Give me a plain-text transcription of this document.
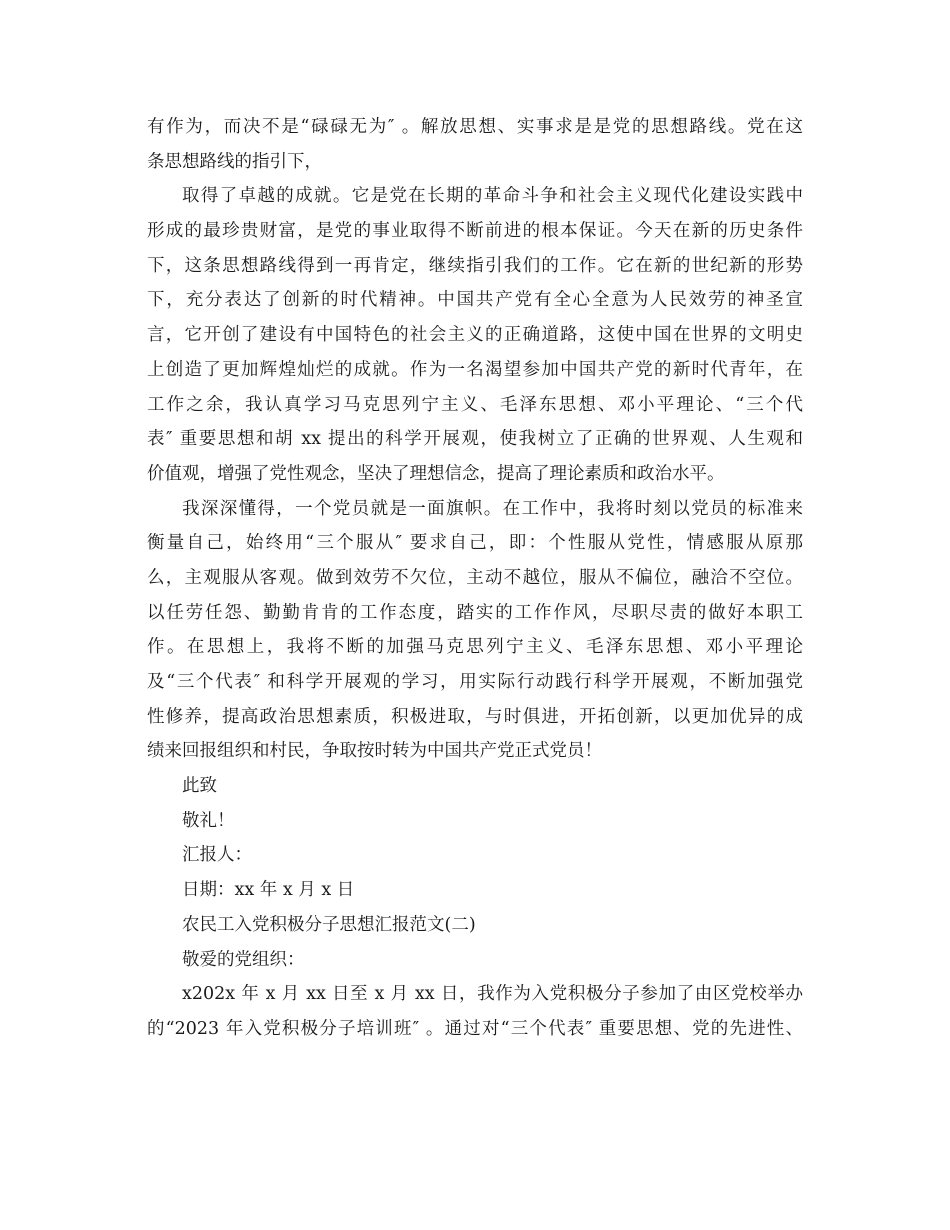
有作为，而决不是“碌碌无为″ 。解放思想、实事求是是党的思想路线。党在这
条思想路线的指引下，
取得了卓越的成就。它是党在长期的革命斗争和社会主义现代化建设实践中
形成的最珍贵财富，是党的事业取得不断前进的根本保证。今天在新的历史条件
下，这条思想路线得到一再肯定，继续指引我们的工作。它在新的世纪新的形势
下，充分表达了创新的时代精神。中国共产党有全心全意为人民效劳的神圣宣
言，它开创了建设有中国特色的社会主义的正确道路，这使中国在世界的文明史
上创造了更加辉煌灿烂的成就。作为一名渴望参加中国共产党的新时代青年，在
工作之余，我认真学习马克思列宁主义、毛泽东思想、邓小平理论、“三个代
表″ 重要思想和胡 xx 提出的科学开展观，使我树立了正确的世界观、人生观和
价值观，增强了党性观念，坚决了理想信念，提高了理论素质和政治水平。
我深深懂得，一个党员就是一面旗帜。在工作中，我将时刻以党员的标准来
衡量自己，始终用“三个服从″ 要求自己，即：个性服从党性，情感服从原那
么，主观服从客观。做到效劳不欠位，主动不越位，服从不偏位，融洽不空位。
以任劳任怨、勤勤肯肯的工作态度，踏实的工作作风，尽职尽责的做好本职工
作。在思想上，我将不断的加强马克思列宁主义、毛泽东思想、邓小平理论
及“三个代表″ 和科学开展观的学习，用实际行动践行科学开展观，不断加强党
性修养，提高政治思想素质，积极进取，与时俱进，开拓创新，以更加优异的成
绩来回报组织和村民，争取按时转为中国共产党正式党员！
此致
敬礼！
汇报人：
日期：xx 年 x 月 x 日
农民工入党积极分子思想汇报范文(二)
敬爱的党组织：
x202x 年 x 月 xx 日至 x 月 xx 日，我作为入党积极分子参加了由区党校举办
的“2023 年入党积极分子培训班″ 。通过对“三个代表″ 重要思想、党的先进性、
